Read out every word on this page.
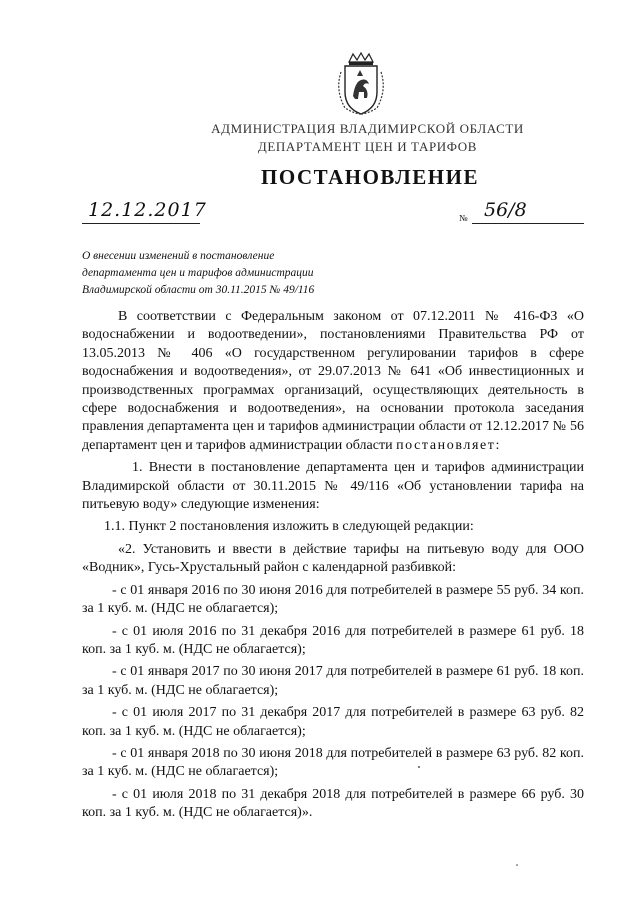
АДМИНИСТРАЦИЯ ВЛАДИМИРСКОЙ ОБЛАСТИ
ДЕПАРТАМЕНТ ЦЕН И ТАРИФОВ
ПОСТАНОВЛЕНИЕ
12.12.2017	№ 56/8
О внесении изменений в постановление
департамента цен и тарифов администрации
Владимирской области от 30.11.2015 № 49/116

В соответствии с Федеральным законом от 07.12.2011 № 416-ФЗ «О водоснабжении и водоотведении», постановлениями Правительства РФ от 13.05.2013 № 406 «О государственном регулировании тарифов в сфере водоснабжения и водоотведения», от 29.07.2013 № 641 «Об инвестиционных и производственных программах организаций, осуществляющих деятельность в сфере водоснабжения и водоотведения», на основании протокола заседания правления департамента цен и тарифов администрации области от 12.12.2017 № 56 департамент цен и тарифов администрации области постановляет:

1. Внести в постановление департамента цен и тарифов администрации Владимирской области от 30.11.2015 № 49/116 «Об установлении тарифа на питьевую воду» следующие изменения:

1.1. Пункт 2 постановления изложить в следующей редакции:

«2. Установить и ввести в действие тарифы на питьевую воду для ООО «Водник», Гусь-Хрустальный район с календарной разбивкой:

- с 01 января 2016 по 30 июня 2016 для потребителей в размере 55 руб. 34 коп. за 1 куб. м. (НДС не облагается);

- с 01 июля 2016 по 31 декабря 2016 для потребителей в размере 61 руб. 18 коп. за 1 куб. м. (НДС не облагается);

- с 01 января 2017 по 30 июня 2017 для потребителей в размере 61 руб. 18 коп. за 1 куб. м. (НДС не облагается);

- с 01 июля 2017 по 31 декабря 2017 для потребителей в размере 63 руб. 82 коп. за 1 куб. м. (НДС не облагается);

- с 01 января 2018 по 30 июня 2018 для потребителей в размере 63 руб. 82 коп. за 1 куб. м. (НДС не облагается);

- с 01 июля 2018 по 31 декабря 2018 для потребителей в размере 66 руб. 30 коп. за 1 куб. м. (НДС не облагается)».
